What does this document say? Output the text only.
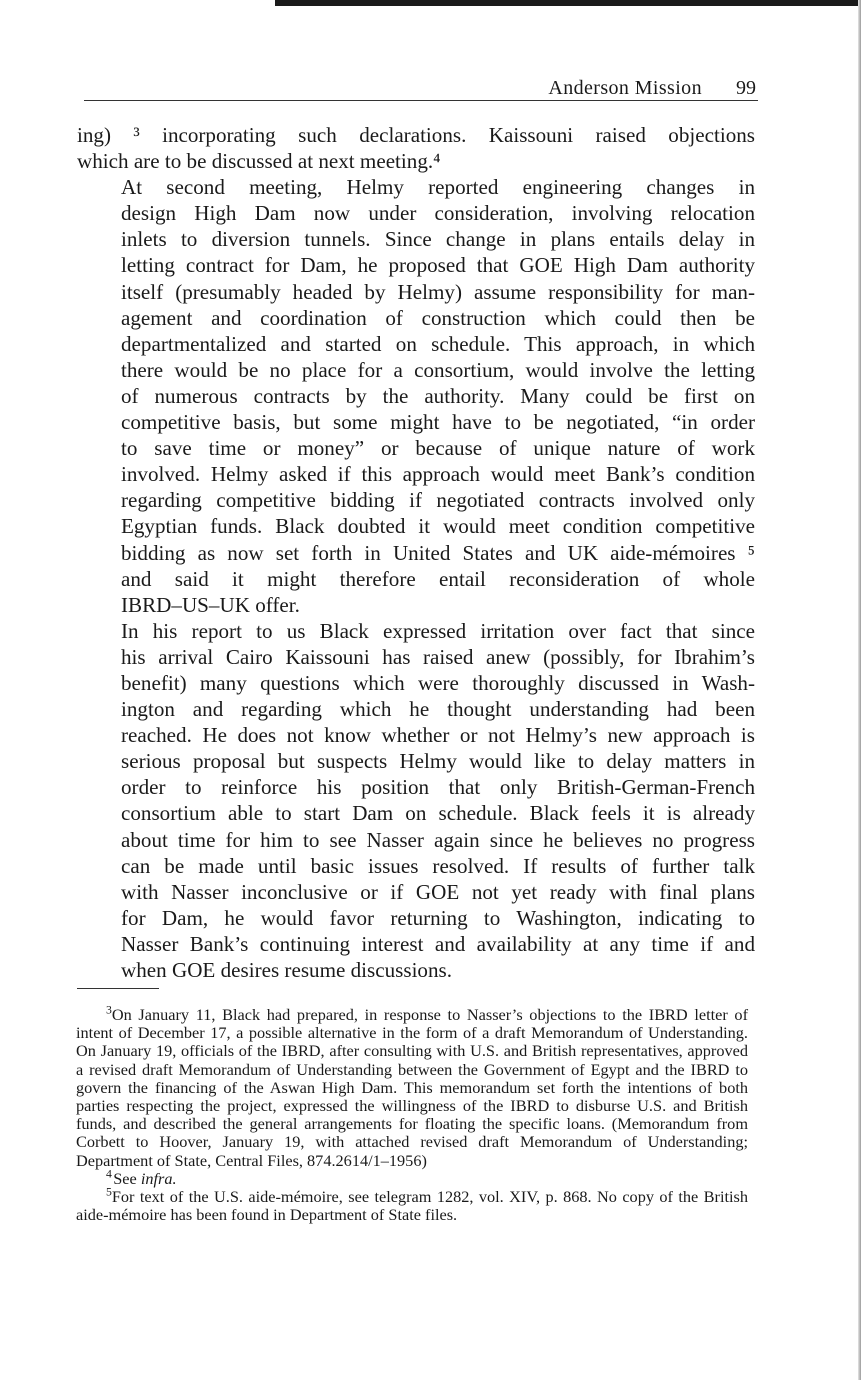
Anderson Mission 99

ing) ³ incorporating such declarations. Kaissouni raised objections
which are to be discussed at next meeting.⁴

At second meeting, Helmy reported engineering changes in
design High Dam now under consideration, involving relocation
inlets to diversion tunnels. Since change in plans entails delay in
letting contract for Dam, he proposed that GOE High Dam authority
itself (presumably headed by Helmy) assume responsibility for man-
agement and coordination of construction which could then be
departmentalized and started on schedule. This approach, in which
there would be no place for a consortium, would involve the letting
of numerous contracts by the authority. Many could be first on
competitive basis, but some might have to be negotiated, “in order
to save time or money” or because of unique nature of work
involved. Helmy asked if this approach would meet Bank’s condition
regarding competitive bidding if negotiated contracts involved only
Egyptian funds. Black doubted it would meet condition competitive
bidding as now set forth in United States and UK aide-mémoires ⁵
and said it might therefore entail reconsideration of whole
IBRD–US–UK offer.

In his report to us Black expressed irritation over fact that since
his arrival Cairo Kaissouni has raised anew (possibly, for Ibrahim’s
benefit) many questions which were thoroughly discussed in Wash-
ington and regarding which he thought understanding had been
reached. He does not know whether or not Helmy’s new approach is
serious proposal but suspects Helmy would like to delay matters in
order to reinforce his position that only British-German-French
consortium able to start Dam on schedule. Black feels it is already
about time for him to see Nasser again since he believes no progress
can be made until basic issues resolved. If results of further talk
with Nasser inconclusive or if GOE not yet ready with final plans
for Dam, he would favor returning to Washington, indicating to
Nasser Bank’s continuing interest and availability at any time if and
when GOE desires resume discussions.

$^3$On January 11, Black had prepared, in response to Nasser’s objections to the IBRD letter of intent of December 17, a possible alternative in the form of a draft Memorandum of Understanding. On January 19, officials of the IBRD, after consulting with U.S. and British representatives, approved a revised draft Memorandum of Understanding between the Government of Egypt and the IBRD to govern the financing of the Aswan High Dam. This memorandum set forth the intentions of both parties respecting the project, expressed the willingness of the IBRD to disburse U.S. and British funds, and described the general arrangements for floating the specific loans. (Memorandum from Corbett to Hoover, January 19, with attached revised draft Memorandum of Understanding; Department of State, Central Files, 874.2614/1–1956)

$^4$ See infra.

$^5$For text of the U.S. aide-mémoire, see telegram 1282, vol. XIV, p. 868. No copy of the British aide-mémoire has been found in Department of State files.
